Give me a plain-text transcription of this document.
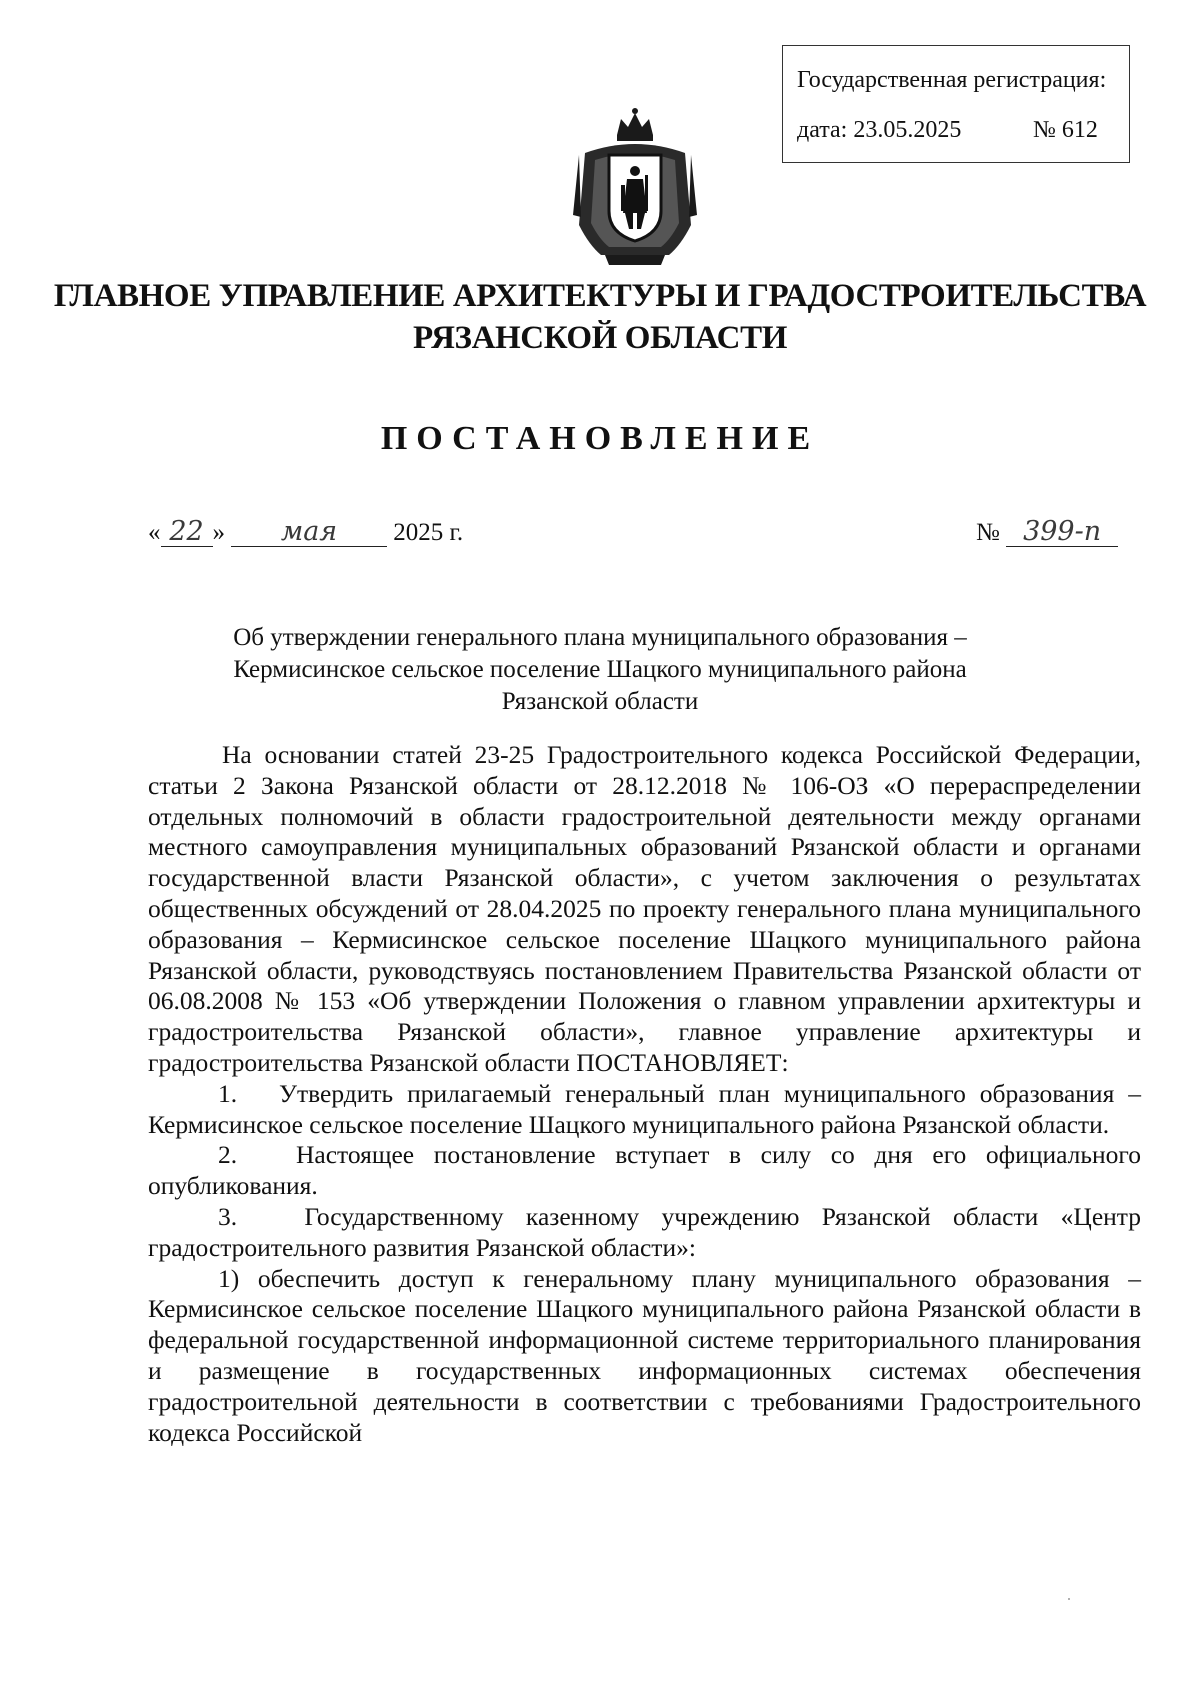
Государственная регистрация:
дата: 23.05.2025	№ 612
ГЛАВНОЕ УПРАВЛЕНИЕ АРХИТЕКТУРЫ И ГРАДОСТРОИТЕЛЬСТВА
РЯЗАНСКОЙ ОБЛАСТИ
ПОСТАНОВЛЕНИЕ
« 22 » мая 2025 г.	№ 399-п
Об утверждении генерального плана муниципального образования –
Кермисинское сельское поселение Шацкого муниципального района
Рязанской области

На основании статей 23-25 Градостроительного кодекса Российской Федерации, статьи 2 Закона Рязанской области от 28.12.2018 № 106-ОЗ «О перераспределении отдельных полномочий в области градостроительной деятельности между органами местного самоуправления муниципальных образований Рязанской области и органами государственной власти Рязанской области», с учетом заключения о результатах общественных обсуждений от 28.04.2025 по проекту генерального плана муниципального образования – Кермисинское сельское поселение Шацкого муниципального района Рязанской области, руководствуясь постановлением Правительства Рязанской области от 06.08.2008 № 153 «Об утверждении Положения о главном управлении архитектуры и градостроительства Рязанской области», главное управление архитектуры и градостроительства Рязанской области ПОСТАНОВЛЯЕТ:

1.   Утвердить прилагаемый генеральный план муниципального образования – Кермисинское сельское поселение Шацкого муниципального района Рязанской области.

2.   Настоящее постановление вступает в силу со дня его официального опубликования.

3.   Государственному казенному учреждению Рязанской области «Центр градостроительного развития Рязанской области»:

1) обеспечить доступ к генеральному плану муниципального образования – Кермисинское сельское поселение Шацкого муниципального района Рязанской области в федеральной государственной информационной системе территориального планирования и размещение в государственных информационных системах обеспечения градостроительной деятельности в соответствии с требованиями Градостроительного кодекса Российской
